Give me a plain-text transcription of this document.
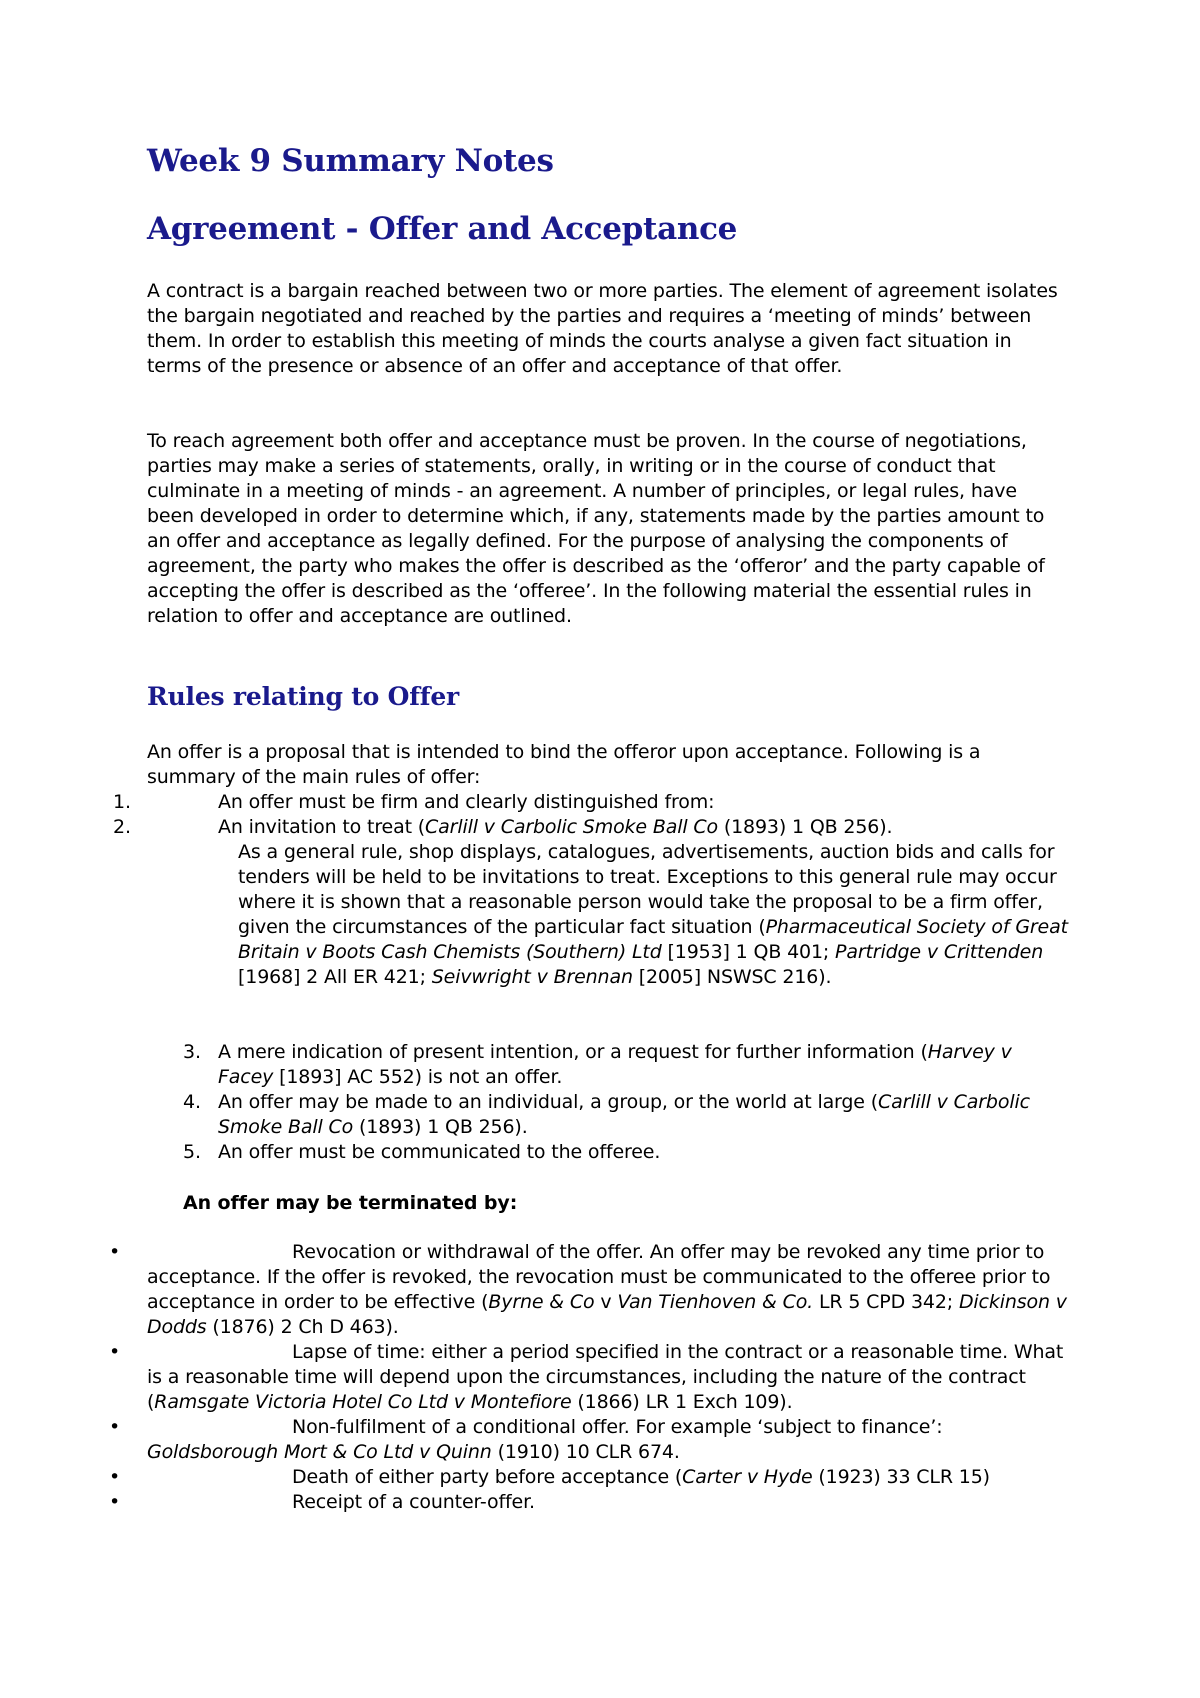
Week 9 Summary Notes
Agreement - Offer and Acceptance

A contract is a bargain reached between two or more parties. The element of agreement isolates the bargain negotiated and reached by the parties and requires a ‘meeting of minds’ between them. In order to establish this meeting of minds the courts analyse a given fact situation in terms of the presence or absence of an offer and acceptance of that offer.

To reach agreement both offer and acceptance must be proven. In the course of negotiations, parties may make a series of statements, orally, in writing or in the course of conduct that culminate in a meeting of minds - an agreement. A number of principles, or legal rules, have been developed in order to determine which, if any, statements made by the parties amount to an offer and acceptance as legally defined. For the purpose of analysing the components of agreement, the party who makes the offer is described as the ‘offeror’ and the party capable of accepting the offer is described as the ‘offeree’. In the following material the essential rules in relation to offer and acceptance are outlined.

Rules relating to Offer

An offer is a proposal that is intended to bind the offeror upon acceptance. Following is a summary of the main rules of offer:

1.	An offer must be firm and clearly distinguished from:
2.	An invitation to treat (Carlill v Carbolic Smoke Ball Co (1893) 1 QB 256).

As a general rule, shop displays, catalogues, advertisements, auction bids and calls for tenders will be held to be invitations to treat. Exceptions to this general rule may occur where it is shown that a reasonable person would take the proposal to be a firm offer, given the circumstances of the particular fact situation (Pharmaceutical Society of Great Britain v Boots Cash Chemists (Southern) Ltd [1953] 1 QB 401; Partridge v Crittenden [1968] 2 All ER 421; Seivwright v Brennan [2005] NSWSC 216).

3. A mere indication of present intention, or a request for further information (Harvey v Facey [1893] AC 552) is not an offer.
4. An offer may be made to an individual, a group, or the world at large (Carlill v Carbolic Smoke Ball Co (1893) 1 QB 256).
5. An offer must be communicated to the offeree.

An offer may be terminated by:

•	Revocation or withdrawal of the offer. An offer may be revoked any time prior to acceptance. If the offer is revoked, the revocation must be communicated to the offeree prior to acceptance in order to be effective (Byrne & Co v Van Tienhoven & Co. LR 5 CPD 342; Dickinson v Dodds (1876) 2 Ch D 463).
•	Lapse of time: either a period specified in the contract or a reasonable time. What is a reasonable time will depend upon the circumstances, including the nature of the contract (Ramsgate Victoria Hotel Co Ltd v Montefiore (1866) LR 1 Exch 109).
•	Non-fulfilment of a conditional offer. For example ‘subject to finance’: Goldsborough Mort & Co Ltd v Quinn (1910) 10 CLR 674.
•	Death of either party before acceptance (Carter v Hyde (1923) 33 CLR 15)
•	Receipt of a counter-offer.
